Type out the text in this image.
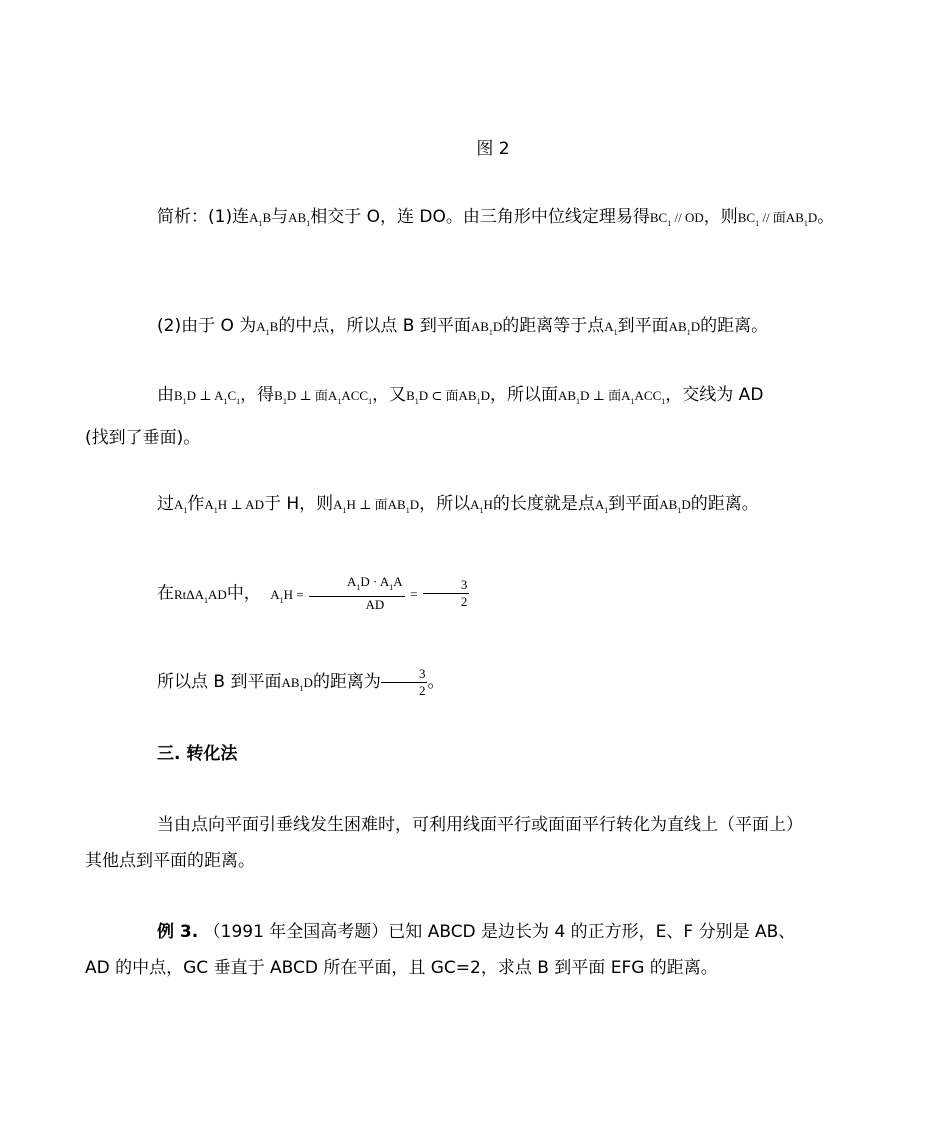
图 2
简析：(1)连$A_1B$与$AB_1$相交于 O，连 DO。由三角形中位线定理易得$BC_1$ // OD，则$BC_1$ // 面$AB_1D$。
(2)由于 O 为$A_1B$的中点，所以点 B 到平面$AB_1D$的距离等于点$A_1$到平面$AB_1D$的距离。
由$B_1D$ ⊥ $A_1C_1$，得$B_1D$ ⊥ 面$A_1ACC_1$，又$B_1D$ ⊂ 面$AB_1D$，所以面$AB_1D$ ⊥ 面$A_1ACC_1$，交线为 AD
(找到了垂面)。
过$A_1$作$A_1H$ ⊥ AD于 H，则$A_1H$ ⊥ 面$AB_1D$，所以$A_1H$的长度就是点$A_1$到平面$AB_1D$的距离。
在RtΔA$_1$AD中， $A_1H = \frac{A_1D \cdot A_1A}{AD} = \frac{3}{2}$
所以点 B 到平面$AB_1D$的距离为 $\frac{3}{2}$ 。
三. 转化法
当由点向平面引垂线发生困难时，可利用线面平行或面面平行转化为直线上（平面上）
其他点到平面的距离。
例 3. （1991 年全国高考题）已知 ABCD 是边长为 4 的正方形，E、F 分别是 AB、
AD 的中点，GC 垂直于 ABCD 所在平面，且 GC=2，求点 B 到平面 EFG 的距离。
